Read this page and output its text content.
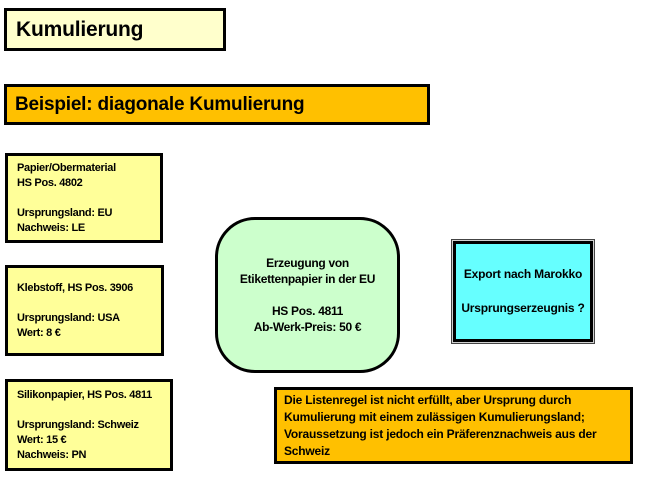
Kumulierung
Beispiel: diagonale Kumulierung
Papier/Obermaterial
HS Pos. 4802
Ursprungsland: EU
Nachweis: LE
Klebstoff, HS Pos. 3906
Ursprungsland: USA
Wert: 8 €
Silikonpapier, HS Pos. 4811
Ursprungsland: Schweiz
Wert: 15 €
Nachweis: PN
Erzeugung von
Etikettenpapier in der EU
HS Pos. 4811
Ab-Werk-Preis: 50 €
Export nach Marokko
Ursprungserzeugnis ?
Die Listenregel ist nicht erfüllt, aber Ursprung durch
Kumulierung mit einem zulässigen Kumulierungsland;
Voraussetzung ist jedoch ein Präferenznachweis aus der
Schweiz
